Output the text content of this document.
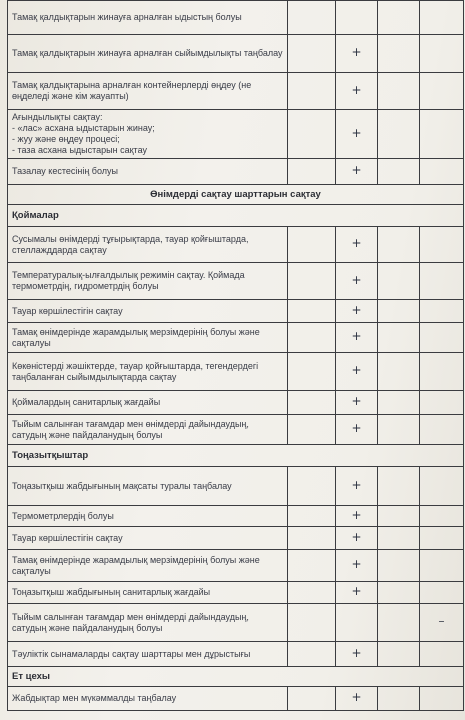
Тамақ қалдықтарын жинауға арналған ыдыстың болуы				
Тамақ қалдықтарын жинауға арналған сыйымдылықты таңбалау		+		
Тамақ қалдықтарына арналған контейнерлерді өңдеу (не өңделеді және кім жауапты)		+		
Ағындылықты сақтау:
- «лас» асхана ыдыстарын жинау;
- жуу және өңдеу процесі;
- таза асхана ыдыстарын сақтау		+		
Тазалау кестесінің болуы		+		
Өнімдерді сақтау шарттарын сақтау				
Қоймалар				
Сусымалы өнімдерді тұғырықтарда, тауар қойғыштарда, стеллажддарда сақтау		+		
Температуралық-ылғалдылық режимін сақтау. Қоймада термометрдің, гидрометрдің болуы		+		
Тауар көршілестігін сақтау		+		
Тамақ өнімдерінде жарамдылық мерзімдерінің болуы және сақталуы		+		
Көкөністерді жәшіктерде, тауар қойғыштарда, тегендердегі таңбаланған сыйымдылықтарда сақтау		+		
Қоймалардың санитарлық жағдайы		+		
Тыйым салынған тағамдар мен өнімдерді дайындаудың, сатудың және пайдаланудың болуы		+		
Тоңазытқыштар				
Тоңазытқыш жабдығының мақсаты туралы таңбалау		+		
Термометрлердің болуы		+		
Тауар көршілестігін сақтау		+		
Тамақ өнімдерінде жарамдылық мерзімдерінің болуы және сақталуы		+		
Тоңазытқыш жабдығының санитарлық жағдайы		+		
Тыйым салынған тағамдар мен өнімдерді дайындаудың, сатудың және пайдаланудың болуы				–
Тәуліктік сынамаларды сақтау шарттары мен дұрыстығы		+		
Ет цехы				
Жабдықтар мен мүкәммалды таңбалау		+		
